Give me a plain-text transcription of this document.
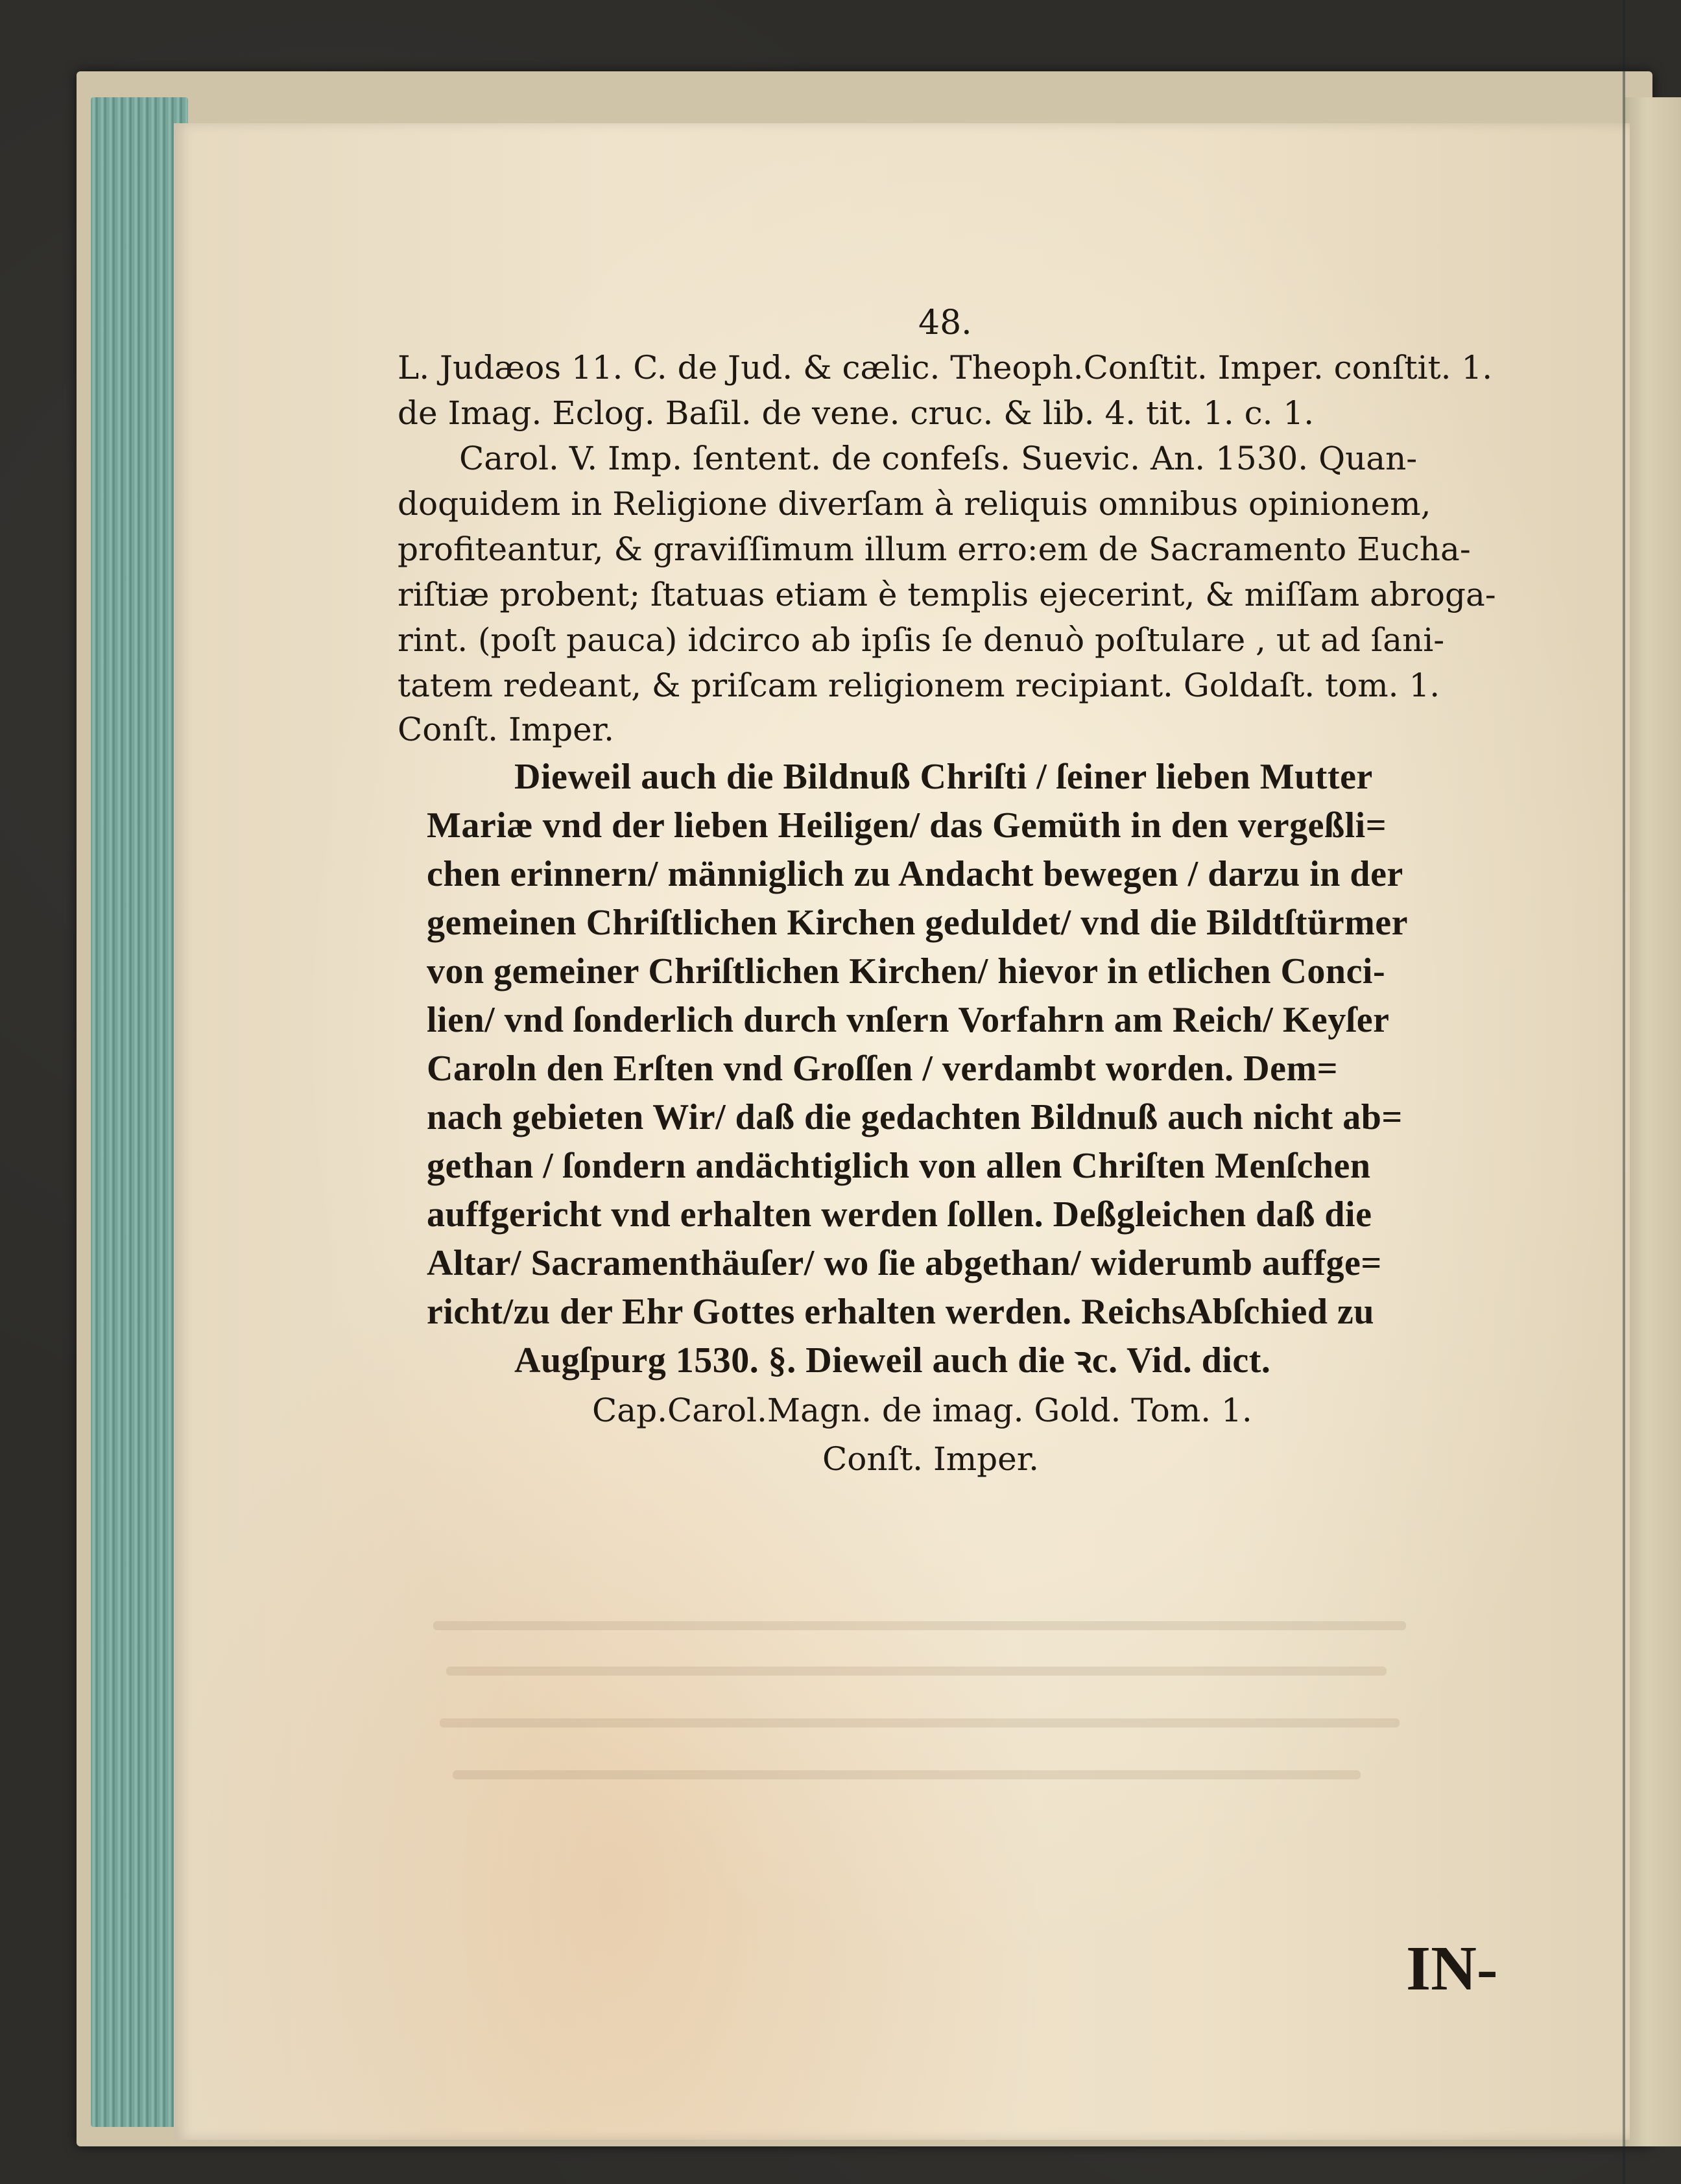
48.
L. Judæos 11. C. de Jud. & cælic. Theoph.Conſtit. Imper. conſtit. 1.
de Imag. Eclog. Baſil. de vene. cruc. & lib. 4. tit. 1. c. 1.
Carol. V. Imp. ſentent. de confeſs. Suevic. An. 1530. Quan-
doquidem in Religione diverſam à reliquis omnibus opinionem,
profiteantur, & graviſſimum illum erro:em de Sacramento Eucha-
riſtiæ probent; ſtatuas etiam è templis ejecerint, & miſſam abroga-
rint. (poſt pauca) idcirco ab ipſis ſe denuò poſtulare , ut ad ſani-
tatem redeant, & priſcam religionem recipiant. Goldaſt. tom. 1.
Conſt. Imper.
Dieweil auch die Bildnuß Chriſti / ſeiner lieben Mutter
Mariæ vnd der lieben Heiligen/ das Gemüth in den vergeßli=
chen erinnern/ männiglich zu Andacht bewegen / darzu in der
gemeinen Chriſtlichen Kirchen geduldet/ vnd die Bildtſtürmer
von gemeiner Chriſtlichen Kirchen/ hievor in etlichen Conci-
lien/ vnd ſonderlich durch vnſern Vorfahrn am Reich/ Keyſer
Caroln den Erſten vnd Groſſen / verdambt worden. Dem=
nach gebieten Wir/ daß die gedachten Bildnuß auch nicht ab=
gethan / ſondern andächtiglich von allen Chriſten Menſchen
auffgericht vnd erhalten werden ſollen. Deßgleichen daß die
Altar/ Sacramenthäuſer/ wo ſie abgethan/ widerumb auffge=
richt/zu der Ehr Gottes erhalten werden. ReichsAbſchied zu
Augſpurg 1530. §. Dieweil auch die ꝛc. Vid. dict.
Cap.Carol.Magn. de imag. Gold. Tom. 1.
Conſt. Imper.
IN-
